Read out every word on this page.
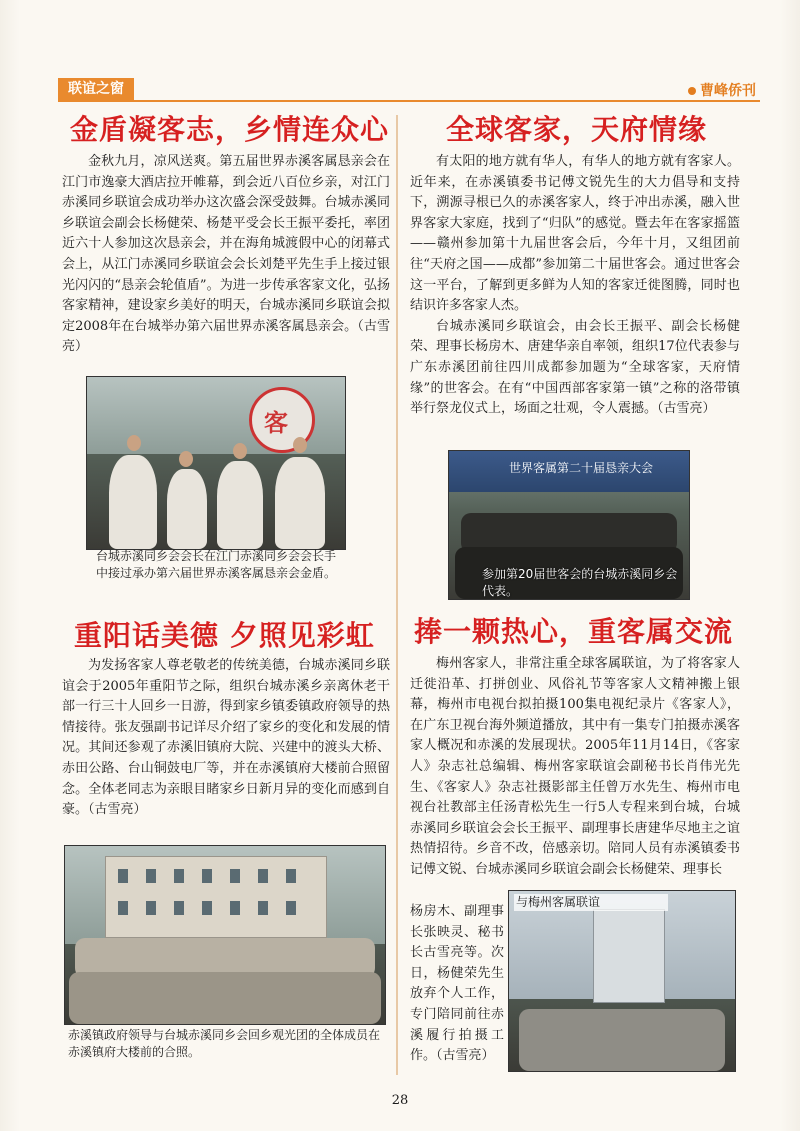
联谊之窗	曹峰侨刊
金盾凝客志，乡情连众心

金秋九月，凉风送爽。第五届世界赤溪客属恳亲会在江门市逸豪大酒店拉开帷幕，到会近八百位乡亲，对江门赤溪同乡联谊会成功举办这次盛会深受鼓舞。台城赤溪同乡联谊会副会长杨健荣、杨楚平受会长王振平委托，率团近六十人参加这次恳亲会，并在海角城渡假中心的闭幕式会上，从江门赤溪同乡联谊会会长刘楚平先生手上接过银光闪闪的“恳亲会轮值盾”。为进一步传承客家文化，弘扬客家精神，建设家乡美好的明天，台城赤溪同乡联谊会拟定2008年在台城举办第六届世界赤溪客属恳亲会。（古雪亮）

客
台城赤溪同乡会会长在江门赤溪同乡会会长手中接过承办第六届世界赤溪客属恳亲会金盾。
全球客家，天府情缘

有太阳的地方就有华人，有华人的地方就有客家人。近年来，在赤溪镇委书记傅文锐先生的大力倡导和支持下，溯源寻根已久的赤溪客家人，终于冲出赤溪，融入世界客家大家庭，找到了“归队”的感觉。暨去年在客家摇篮——赣州参加第十九届世客会后，今年十月，又组团前往“天府之国——成都”参加第二十届世客会。通过世客会这一平台，了解到更多鲜为人知的客家迁徙图腾，同时也结识许多客家人杰。

台城赤溪同乡联谊会，由会长王振平、副会长杨健荣、理事长杨房木、唐建华亲自率领，组织17位代表参与广东赤溪团前往四川成都参加题为“全球客家，天府情缘”的世客会。在有“中国西部客家第一镇”之称的洛带镇举行祭龙仪式上，场面之壮观，令人震撼。（古雪亮）

世界客属第二十届恳亲大会
参加第20届世客会的台城赤溪同乡会代表。
重阳话美德 夕照见彩虹

为发扬客家人尊老敬老的传统美德，台城赤溪同乡联谊会于2005年重阳节之际，组织台城赤溪乡亲离休老干部一行三十人回乡一日游，得到家乡镇委镇政府领导的热情接待。张友强副书记详尽介绍了家乡的变化和发展的情况。其间还参观了赤溪旧镇府大院、兴建中的渡头大桥、赤田公路、台山铜鼓电厂等，并在赤溪镇府大楼前合照留念。全体老同志为亲眼目睹家乡日新月异的变化而感到自豪。（古雪亮）

赤溪镇政府领导与台城赤溪同乡会回乡观光团的全体成员在赤溪镇府大楼前的合照。
捧一颗热心，重客属交流

梅州客家人，非常注重全球客属联谊，为了将客家人迁徙沿革、打拼创业、风俗礼节等客家人文精神搬上银幕，梅州市电视台拟拍摄100集电视纪录片《客家人》，在广东卫视台海外频道播放，其中有一集专门拍摄赤溪客家人概况和赤溪的发展现状。2005年11月14日，《客家人》杂志社总编辑、梅州客家联谊会副秘书长肖伟光先生、《客家人》杂志社摄影部主任曾万水先生、梅州市电视台社教部主任汤青松先生一行5人专程来到台城，台城赤溪同乡联谊会会长王振平、副理事长唐建华尽地主之谊热情招待。乡音不改，倍感亲切。陪同人员有赤溪镇委书记傅文锐、台城赤溪同乡联谊会副会长杨健荣、理事长

杨房木、副理事长张映灵、秘书长古雪亮等。次日，杨健荣先生放弃个人工作，专门陪同前往赤溪履行拍摄工作。（古雪亮）

与梅州客属联谊
28
